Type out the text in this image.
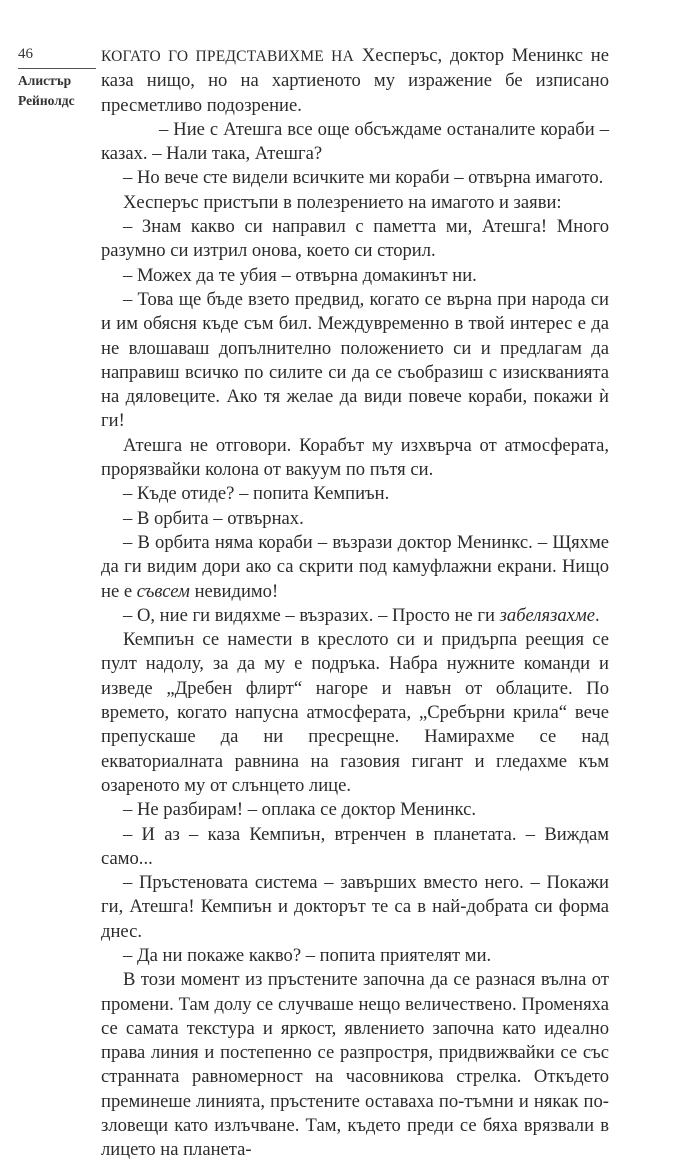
46
Алистър
Рейнолдс

КОГАТО ГО ПРЕДСТАВИХМЕ НА Хесперъс, доктор Менинкс не каза нищо, но на хартиеното му изражение бе изписано пресметливо подозрение.

– Ние с Атешга все още обсъждаме останалите кораби – казах. – Нали така, Атешга?

– Но вече сте видели всичките ми кораби – отвърна имагото.

Хесперъс пристъпи в полезрението на имагото и заяви:

– Знам какво си направил с паметта ми, Атешга! Много разумно си изтрил онова, което си сторил.

– Можех да те убия – отвърна домакинът ни.

– Това ще бъде взето предвид, когато се върна при народа си и им обясня къде съм бил. Междувременно в твой интерес е да не влошаваш допълнително положението си и предлагам да направиш всичко по силите си да се съобразиш с изискванията на дяловеците. Ако тя желае да види повече кораби, покажи ѝ ги!

Атешга не отговори. Корабът му изхвърча от атмосферата, прорязвайки колона от вакуум по пътя си.

– Къде отиде? – попита Кемпиън.

– В орбита – отвърнах.

– В орбита няма кораби – възрази доктор Менинкс. – Щяхме да ги видим дори ако са скрити под камуфлажни екрани. Нищо не е съвсем невидимо!

– О, ние ги видяхме – възразих. – Просто не ги забелязахме.

Кемпиън се намести в креслото си и придърпа реещия се пулт надолу, за да му е подръка. Набра нужните команди и изведе „Дребен флирт“ нагоре и навън от облаците. По времето, когато напусна атмосферата, „Сребърни крила“ вече препускаше да ни пресрещне. Намирахме се над екваториалната равнина на газовия гигант и гледахме към озареното му от слънцето лице.

– Не разбирам! – оплака се доктор Менинкс.

– И аз – каза Кемпиън, втренчен в планетата. – Виждам само...

– Пръстеновата система – завърших вместо него. – Покажи ги, Атешга! Кемпиън и докторът те са в най-добрата си форма днес.

– Да ни покаже какво? – попита приятелят ми.

В този момент из пръстените започна да се разнася вълна от промени. Там долу се случваше нещо величествено. Променяха се самата текстура и яркост, явлението започна като идеално права линия и постепенно се разпростря, придвижвайки се със странната равномерност на часовникова стрелка. Откъдето преминеше линията, пръстените оставаха по-тъмни и някак по-зловещи като излъчване. Там, където преди се бяха врязвали в лицето на планета-
